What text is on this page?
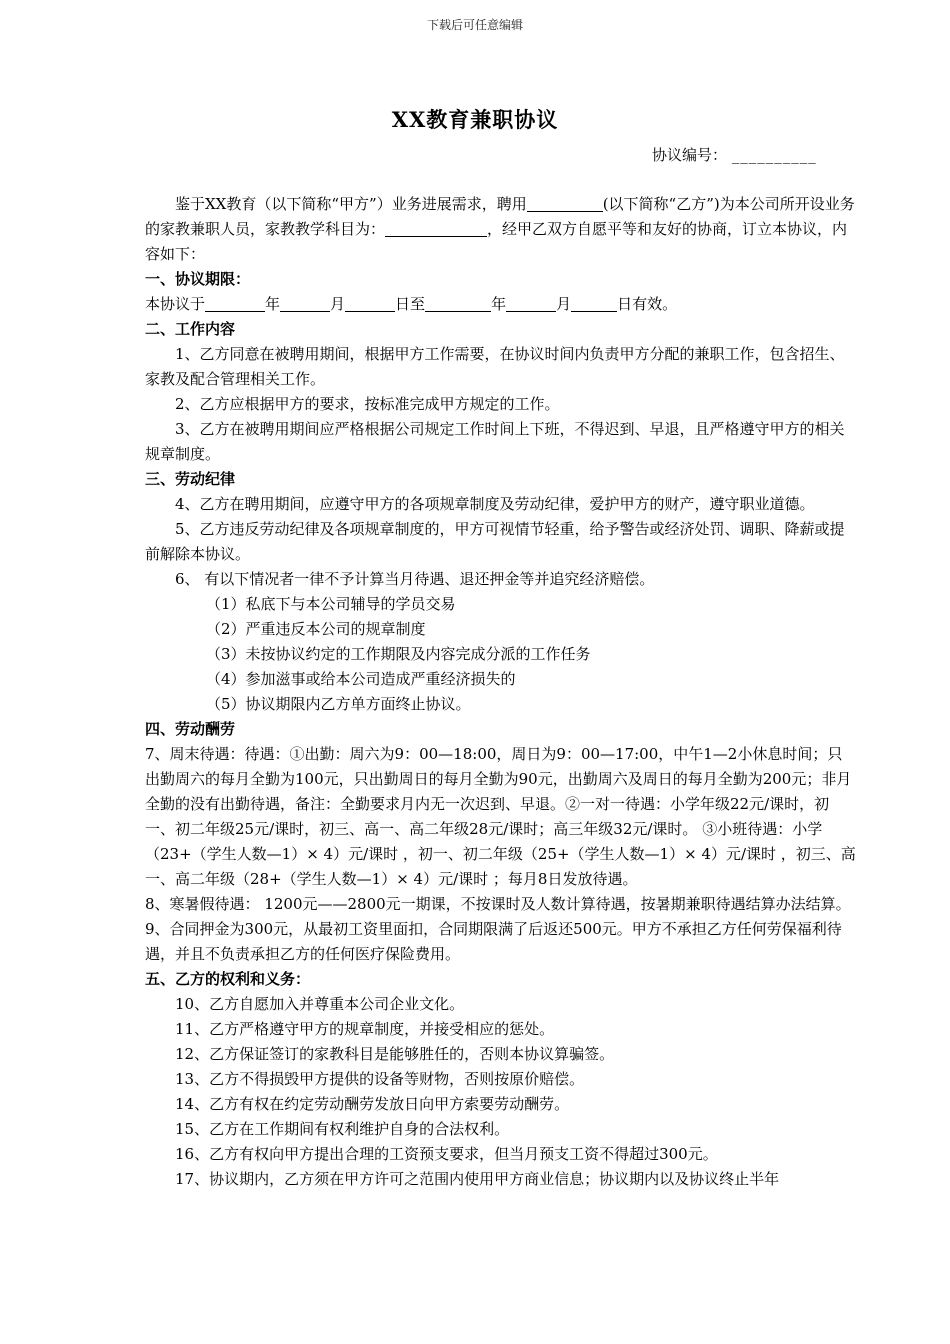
下载后可任意编辑
XX教育兼职协议
协议编号： __________

鉴于XX教育（以下简称“甲方”）业务进展需求，聘用	(以下简称“乙方”)为本公司所开设业务的家教兼职人员，家教教学科目为：	，经甲乙双方自愿平等和友好的协商，订立本协议，内容如下：

一、协议期限：

本协议于	年	月	日至	年	月	日有效。

二、工作内容

1、乙方同意在被聘用期间，根据甲方工作需要，在协议时间内负责甲方分配的兼职工作，包含招生、家教及配合管理相关工作。

2、乙方应根据甲方的要求，按标准完成甲方规定的工作。

3、乙方在被聘用期间应严格根据公司规定工作时间上下班，不得迟到、早退，且严格遵守甲方的相关规章制度。

三、劳动纪律

4、乙方在聘用期间，应遵守甲方的各项规章制度及劳动纪律，爱护甲方的财产，遵守职业道德。

5、乙方违反劳动纪律及各项规章制度的，甲方可视情节轻重，给予警告或经济处罚、调职、降薪或提前解除本协议。

6、 有以下情况者一律不予计算当月待遇、退还押金等并追究经济赔偿。

（1）私底下与本公司辅导的学员交易

（2）严重违反本公司的规章制度

（3）未按协议约定的工作期限及内容完成分派的工作任务

（4）参加滋事或给本公司造成严重经济损失的

（5）协议期限内乙方单方面终止协议。

四、劳动酬劳

7、周末待遇：待遇：①出勤：周六为9：00—18:00，周日为9：00—17:00，中午1—2小休息时间；只出勤周六的每月全勤为100元，只出勤周日的每月全勤为90元，出勤周六及周日的每月全勤为200元；非月全勤的没有出勤待遇，备注：全勤要求月内无一次迟到、早退。②一对一待遇：小学年级22元/课时，初一、初二年级25元/课时，初三、高一、高二年级28元/课时；高三年级32元/课时。 ③小班待遇：小学（23+（学生人数—1）× 4）元/课时 ，初一、初二年级（25+（学生人数—1）× 4）元/课时 ，初三、高一、高二年级（28+（学生人数—1）× 4）元/课时 ；每月8日发放待遇。

8、寒暑假待遇： 1200元——2800元一期课，不按课时及人数计算待遇，按暑期兼职待遇结算办法结算。

9、合同押金为300元，从最初工资里面扣，合同期限满了后返还500元。甲方不承担乙方任何劳保福利待遇，并且不负责承担乙方的任何医疗保险费用。

五、乙方的权利和义务：

10、乙方自愿加入并尊重本公司企业文化。

11、乙方严格遵守甲方的规章制度，并接受相应的惩处。

12、乙方保证签订的家教科目是能够胜任的，否则本协议算骗签。

13、乙方不得损毁甲方提供的设备等财物，否则按原价赔偿。

14、乙方有权在约定劳动酬劳发放日向甲方索要劳动酬劳。

15、乙方在工作期间有权利维护自身的合法权利。

16、乙方有权向甲方提出合理的工资预支要求，但当月预支工资不得超过300元。

17、协议期内，乙方须在甲方许可之范围内使用甲方商业信息；协议期内以及协议终止半年
